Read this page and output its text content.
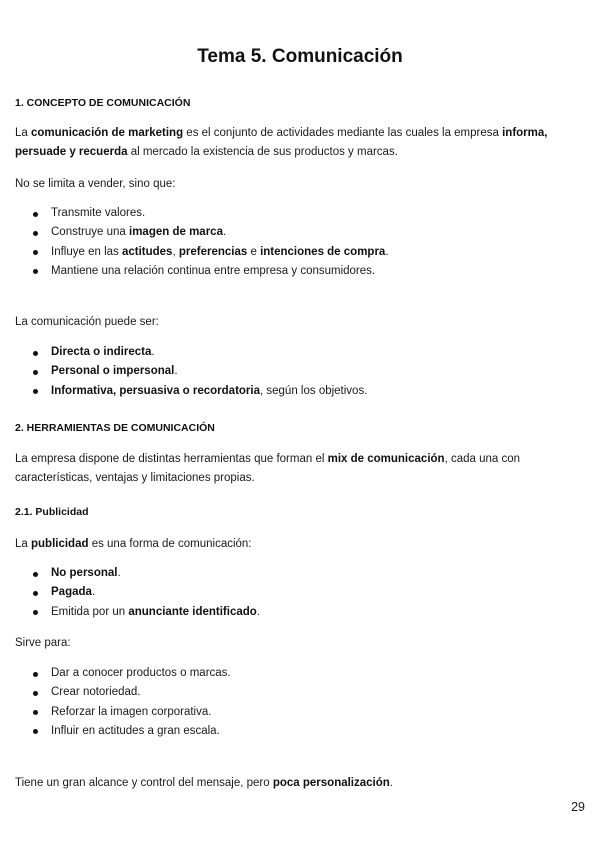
Tema 5. Comunicación
1. CONCEPTO DE COMUNICACIÓN

La comunicación de marketing es el conjunto de actividades mediante las cuales la empresa informa, persuade y recuerda al mercado la existencia de sus productos y marcas.

No se limita a vender, sino que:

Transmite valores.
Construye una imagen de marca.
Influye en las actitudes, preferencias e intenciones de compra.
Mantiene una relación continua entre empresa y consumidores.

La comunicación puede ser:

Directa o indirecta.
Personal o impersonal.
Informativa, persuasiva o recordatoria, según los objetivos.
2. HERRAMIENTAS DE COMUNICACIÓN

La empresa dispone de distintas herramientas que forman el mix de comunicación, cada una con características, ventajas y limitaciones propias.

2.1. Publicidad

La publicidad es una forma de comunicación:

No personal.
Pagada.
Emitida por un anunciante identificado.

Sirve para:

Dar a conocer productos o marcas.
Crear notoriedad.
Reforzar la imagen corporativa.
Influir en actitudes a gran escala.

Tiene un gran alcance y control del mensaje, pero poca personalización.

29
